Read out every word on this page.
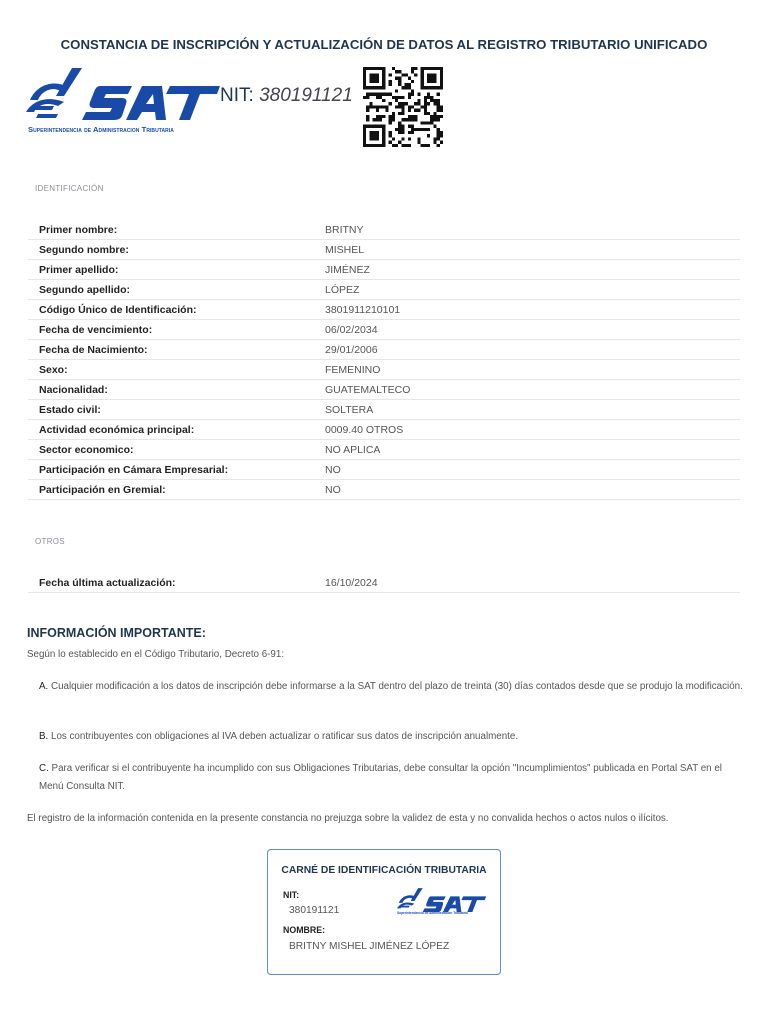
CONSTANCIA DE INSCRIPCIÓN Y ACTUALIZACIÓN DE DATOS AL REGISTRO TRIBUTARIO UNIFICADO
Superintendencia de Administracion Tributaria
NIT: 380191121
IDENTIFICACIÓN
Primer nombre:	BRITNY
Segundo nombre:	MISHEL
Primer apellido:	JIMÉNEZ
Segundo apellido:	LÓPEZ
Código Único de Identificación:	3801911210101
Fecha de vencimiento:	06/02/2034
Fecha de Nacimiento:	29/01/2006
Sexo:	FEMENINO
Nacionalidad:	GUATEMALTECO
Estado civil:	SOLTERA
Actividad económica principal:	0009.40 OTROS
Sector economico:	NO APLICA
Participación en Cámara Empresarial:	NO
Participación en Gremial:	NO
OTROS
Fecha última actualización:	16/10/2024
INFORMACIÓN IMPORTANTE:
Según lo establecido en el Código Tributario, Decreto 6-91:
A. Cualquier modificación a los datos de inscripción debe informarse a la SAT dentro del plazo de treinta (30) días contados desde que se produjo la modificación.
B. Los contribuyentes con obligaciones al IVA deben actualizar o ratificar sus datos de inscripción anualmente.
C. Para verificar si el contribuyente ha incumplido con sus Obligaciones Tributarias, debe consultar la opción "Incumplimientos" publicada en Portal SAT en el Menú Consulta NIT.
El registro de la información contenida en la presente constancia no prejuzga sobre la validez de esta y no convalida hechos o actos nulos o ilícitos.
CARNÉ DE IDENTIFICACIÓN TRIBUTARIA
NIT:
380191121
NOMBRE:
BRITNY MISHEL JIMÉNEZ LÓPEZ
Superintendencia de Administracion Tributaria
